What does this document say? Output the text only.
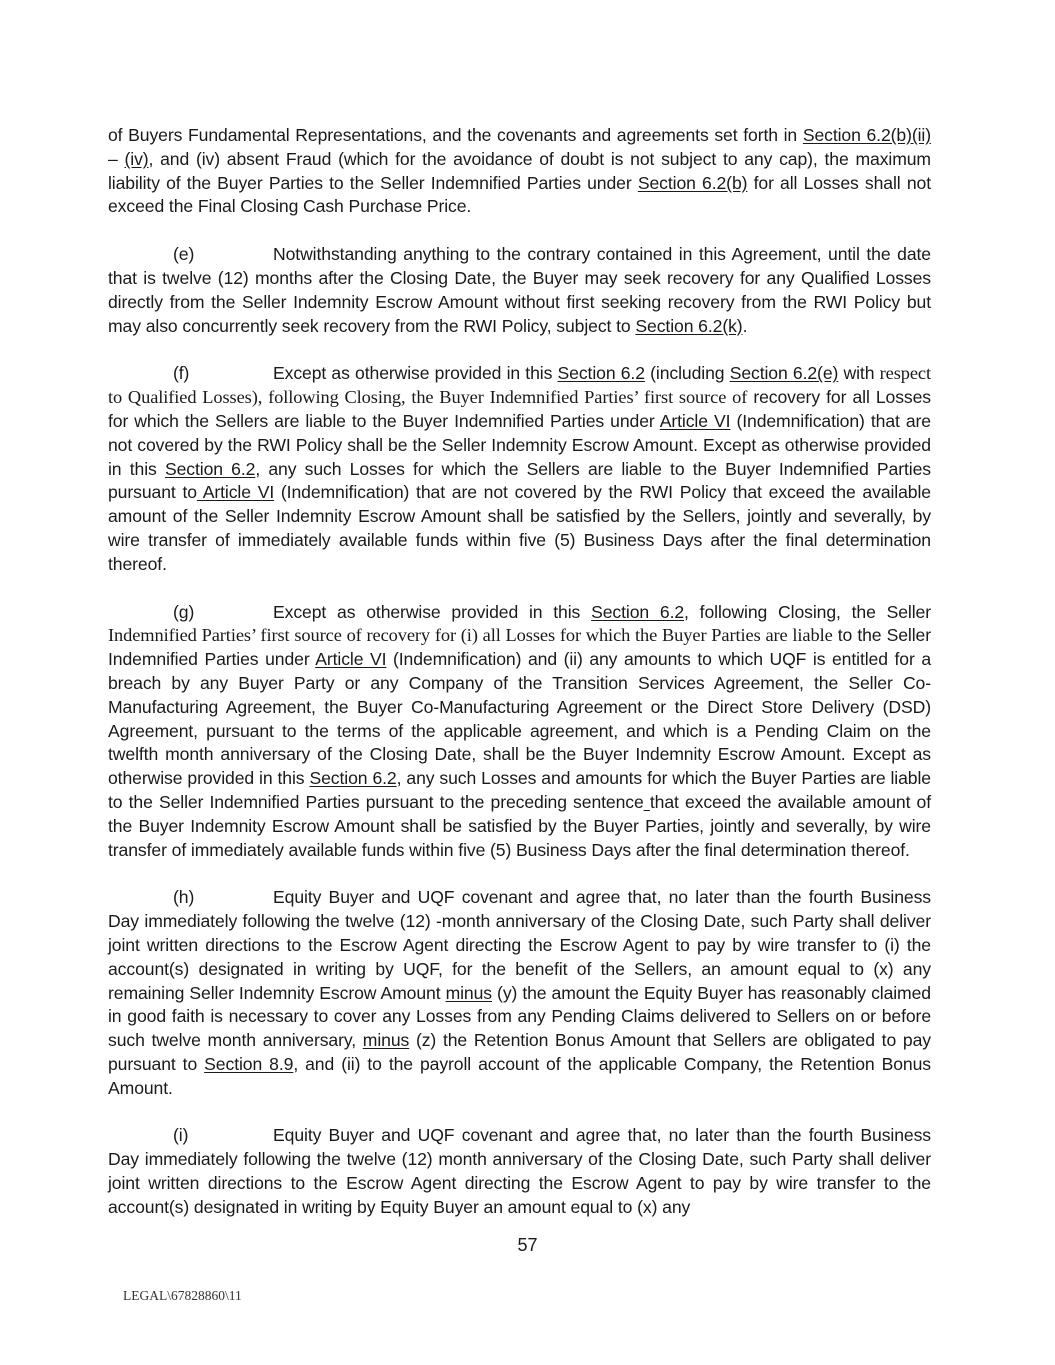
of Buyers Fundamental Representations, and the covenants and agreements set forth in Section 6.2(b)(ii) – (iv), and (iv) absent Fraud (which for the avoidance of doubt is not subject to any cap), the maximum liability of the Buyer Parties to the Seller Indemnified Parties under Section 6.2(b) for all Losses shall not exceed the Final Closing Cash Purchase Price.

(e)	Notwithstanding anything to the contrary contained in this Agreement, until the date that is twelve (12) months after the Closing Date, the Buyer may seek recovery for any Qualified Losses directly from the Seller Indemnity Escrow Amount without first seeking recovery from the RWI Policy but may also concurrently seek recovery from the RWI Policy, subject to Section 6.2(k).

(f)	Except as otherwise provided in this Section 6.2 (including Section 6.2(e) with respect to Qualified Losses), following Closing, the Buyer Indemnified Parties’ first source of recovery for all Losses for which the Sellers are liable to the Buyer Indemnified Parties under Article VI (Indemnification) that are not covered by the RWI Policy shall be the Seller Indemnity Escrow Amount. Except as otherwise provided in this Section 6.2, any such Losses for which the Sellers are liable to the Buyer Indemnified Parties pursuant to Article VI (Indemnification) that are not covered by the RWI Policy that exceed the available amount of the Seller Indemnity Escrow Amount shall be satisfied by the Sellers, jointly and severally, by wire transfer of immediately available funds within five (5) Business Days after the final determination thereof.

(g)	Except as otherwise provided in this Section 6.2, following Closing, the Seller Indemnified Parties’ first source of recovery for (i) all Losses for which the Buyer Parties are liable to the Seller Indemnified Parties under Article VI (Indemnification) and (ii) any amounts to which UQF is entitled for a breach by any Buyer Party or any Company of the Transition Services Agreement, the Seller Co-Manufacturing Agreement, the Buyer Co-Manufacturing Agreement or the Direct Store Delivery (DSD) Agreement, pursuant to the terms of the applicable agreement, and which is a Pending Claim on the twelfth month anniversary of the Closing Date, shall be the Buyer Indemnity Escrow Amount. Except as otherwise provided in this Section 6.2, any such Losses and amounts for which the Buyer Parties are liable to the Seller Indemnified Parties pursuant to the preceding sentence that exceed the available amount of the Buyer Indemnity Escrow Amount shall be satisfied by the Buyer Parties, jointly and severally, by wire transfer of immediately available funds within five (5) Business Days after the final determination thereof.

(h)	Equity Buyer and UQF covenant and agree that, no later than the fourth Business Day immediately following the twelve (12) -month anniversary of the Closing Date, such Party shall deliver joint written directions to the Escrow Agent directing the Escrow Agent to pay by wire transfer to (i) the account(s) designated in writing by UQF, for the benefit of the Sellers, an amount equal to (x) any remaining Seller Indemnity Escrow Amount minus (y) the amount the Equity Buyer has reasonably claimed in good faith is necessary to cover any Losses from any Pending Claims delivered to Sellers on or before such twelve month anniversary, minus (z) the Retention Bonus Amount that Sellers are obligated to pay pursuant to Section 8.9, and (ii) to the payroll account of the applicable Company, the Retention Bonus Amount.

(i)	Equity Buyer and UQF covenant and agree that, no later than the fourth Business Day immediately following the twelve (12) month anniversary of the Closing Date, such Party shall deliver joint written directions to the Escrow Agent directing the Escrow Agent to pay by wire transfer to the account(s) designated in writing by Equity Buyer an amount equal to (x) any

57
LEGAL\67828860\11
